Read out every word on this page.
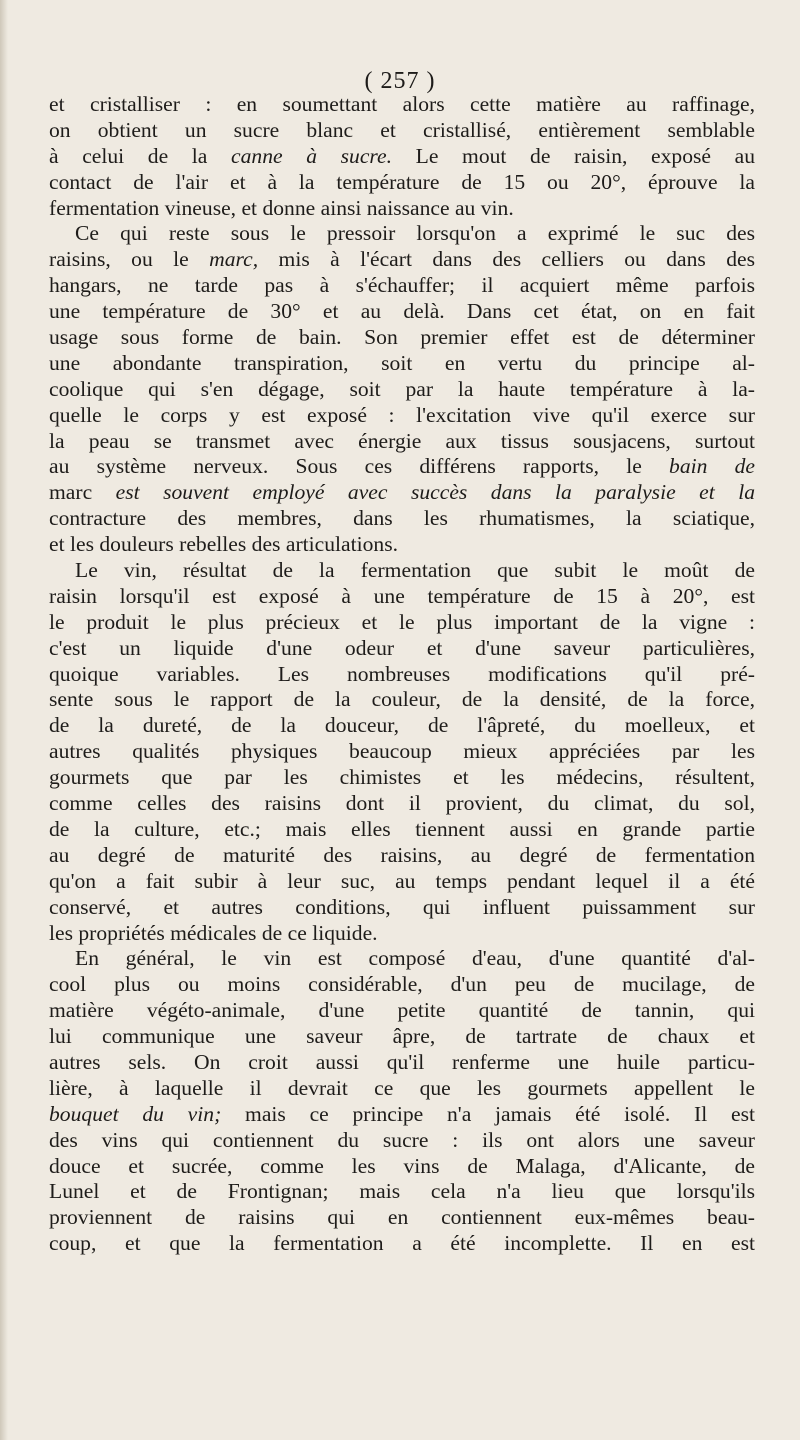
( 257 )
et cristalliser : en soumettant alors cette matière au raffinage,
on obtient un sucre blanc et cristallisé, entièrement semblable
à celui de la canne à sucre. Le mout de raisin, exposé au
contact de l'air et à la température de 15 ou 20°, éprouve la
fermentation vineuse, et donne ainsi naissance au vin.
Ce qui reste sous le pressoir lorsqu'on a exprimé le suc des
raisins, ou le marc, mis à l'écart dans des celliers ou dans des
hangars, ne tarde pas à s'échauffer; il acquiert même parfois
une température de 30° et au delà. Dans cet état, on en fait
usage sous forme de bain. Son premier effet est de déterminer
une abondante transpiration, soit en vertu du principe al-
coolique qui s'en dégage, soit par la haute température à la-
quelle le corps y est exposé : l'excitation vive qu'il exerce sur
la peau se transmet avec énergie aux tissus sousjacens, surtout
au système nerveux. Sous ces différens rapports, le bain de
marc est souvent employé avec succès dans la paralysie et la
contracture des membres, dans les rhumatismes, la sciatique,
et les douleurs rebelles des articulations.
Le vin, résultat de la fermentation que subit le moût de
raisin lorsqu'il est exposé à une température de 15 à 20°, est
le produit le plus précieux et le plus important de la vigne :
c'est un liquide d'une odeur et d'une saveur particulières,
quoique variables. Les nombreuses modifications qu'il pré-
sente sous le rapport de la couleur, de la densité, de la force,
de la dureté, de la douceur, de l'âpreté, du moelleux, et
autres qualités physiques beaucoup mieux appréciées par les
gourmets que par les chimistes et les médecins, résultent,
comme celles des raisins dont il provient, du climat, du sol,
de la culture, etc.; mais elles tiennent aussi en grande partie
au degré de maturité des raisins, au degré de fermentation
qu'on a fait subir à leur suc, au temps pendant lequel il a été
conservé, et autres conditions, qui influent puissamment sur
les propriétés médicales de ce liquide.
En général, le vin est composé d'eau, d'une quantité d'al-
cool plus ou moins considérable, d'un peu de mucilage, de
matière végéto-animale, d'une petite quantité de tannin, qui
lui communique une saveur âpre, de tartrate de chaux et
autres sels. On croit aussi qu'il renferme une huile particu-
lière, à laquelle il devrait ce que les gourmets appellent le
bouquet du vin; mais ce principe n'a jamais été isolé. Il est
des vins qui contiennent du sucre : ils ont alors une saveur
douce et sucrée, comme les vins de Malaga, d'Alicante, de
Lunel et de Frontignan; mais cela n'a lieu que lorsqu'ils
proviennent de raisins qui en contiennent eux-mêmes beau-
coup, et que la fermentation a été incomplette. Il en est
